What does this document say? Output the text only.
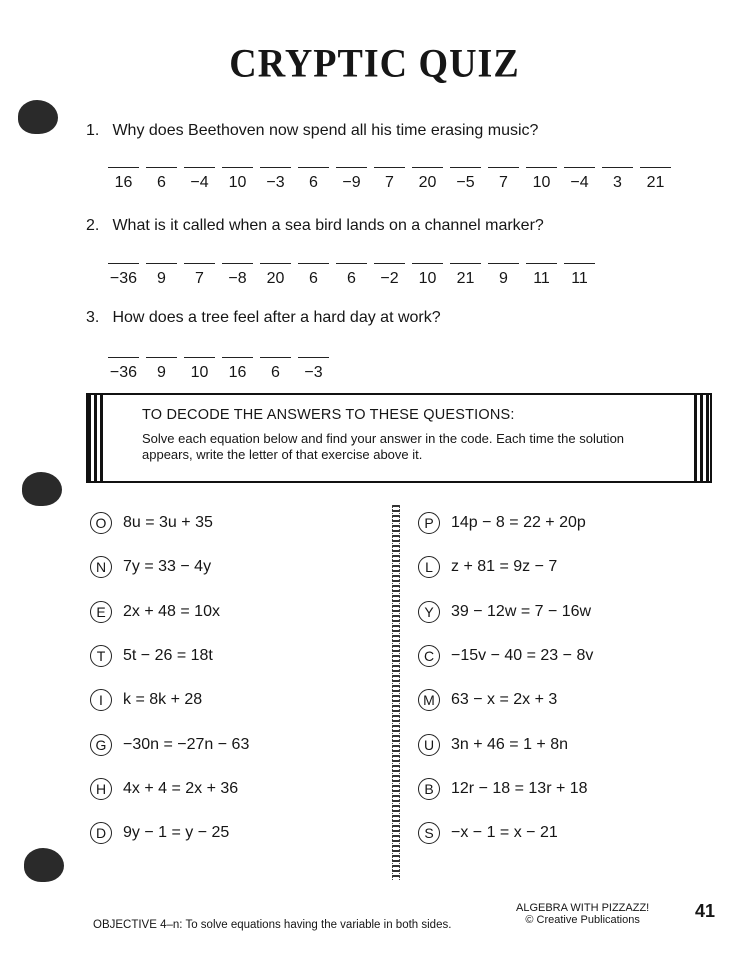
CRYPTIC QUIZ
1. Why does Beethoven now spend all his time erasing music?
16	6	−4	10	−3	6	−9	7	20	−5	7	10	−4	3	21
2. What is it called when a sea bird lands on a channel marker?
−36	9	7	−8	20	6	6	−2	10	21	9	11	11
3. How does a tree feel after a hard day at work?
−36	9	10	16	6	−3
TO DECODE THE ANSWERS TO THESE QUESTIONS:
Solve each equation below and find your answer in the code. Each time the solution appears, write the letter of that exercise above it.
O	8u = 3u + 35
N	7y = 33 − 4y
E	2x + 48 = 10x
T	5t − 26 = 18t
I	k = 8k + 28
G	−30n = −27n − 63
H	4x + 4 = 2x + 36
D	9y − 1 = y − 25
P	14p − 8 = 22 + 20p
L	z + 81 = 9z − 7
Y	39 − 12w = 7 − 16w
C	−15v − 40 = 23 − 8v
M	63 − x = 2x + 3
U	3n + 46 = 1 + 8n
B	12r − 18 = 13r + 18
S	−x − 1 = x − 21
OBJECTIVE 4–n: To solve equations having the variable in both sides.
ALGEBRA WITH PIZZAZZ!
© Creative Publications	41
